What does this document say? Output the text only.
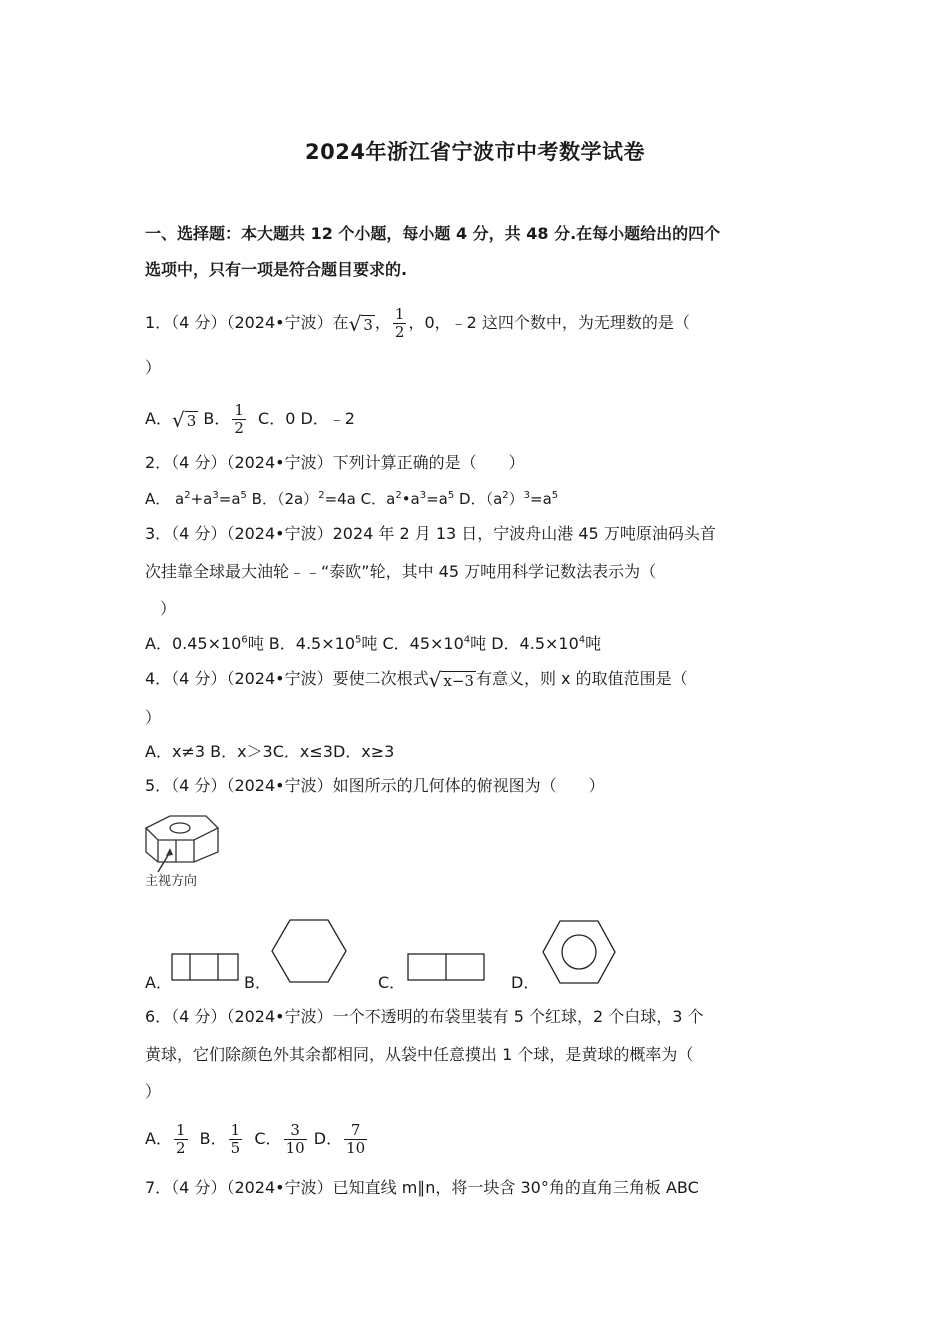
2024年浙江省宁波市中考数学试卷
一、选择题：本大题共 12 个小题，每小题 4 分，共 48 分.在每小题给出的四个
选项中，只有一项是符合题目要求的.
1．（4 分）（2024•宁波）在 √ 3 ， $\frac{1}{2}$ ，0，﹣2 这四个数中，为无理数的是（
）
A． √ 3 B． $\frac{1}{2}$ C．0 D．﹣2
2．（4 分）（2024•宁波）下列计算正确的是（　　）
A． $a^2+a^3=a^5$ B．$(2a)^2=4a$ C．$a^2•a^3=a^5$ D．$(a^2)^3=a^5$
3．（4 分）（2024•宁波）2024 年 2 月 13 日，宁波舟山港 45 万吨原油码头首
次挂靠全球最大油轮﹣﹣“泰欧”轮，其中 45 万吨用科学记数法表示为（
）
A．$0.45\times 10^6$吨 B．$4.5\times 10^5$吨 C．$45\times 10^4$吨 D．$4.5\times 10^4$吨
4．（4 分）（2024•宁波）要使二次根式 √ x−3 有意义，则 x 的取值范围是（
）
A．x≠3 B．x＞3C．x≤3D．x≥3
5．（4 分）（2024•宁波）如图所示的几何体的俯视图为（　　）
主视方向
A．	B．	C．	D．
6．（4 分）（2024•宁波）一个不透明的布袋里装有 5 个红球，2 个白球，3 个
黄球，它们除颜色外其余都相同，从袋中任意摸出 1 个球，是黄球的概率为（
）
A． $\frac{1}{2}$ B． $\frac{1}{5}$ C． $\frac{3}{10}$ D． $\frac{7}{10}$
7．（4 分）（2024•宁波）已知直线 m∥n，将一块含 30°角的直角三角板 ABC
